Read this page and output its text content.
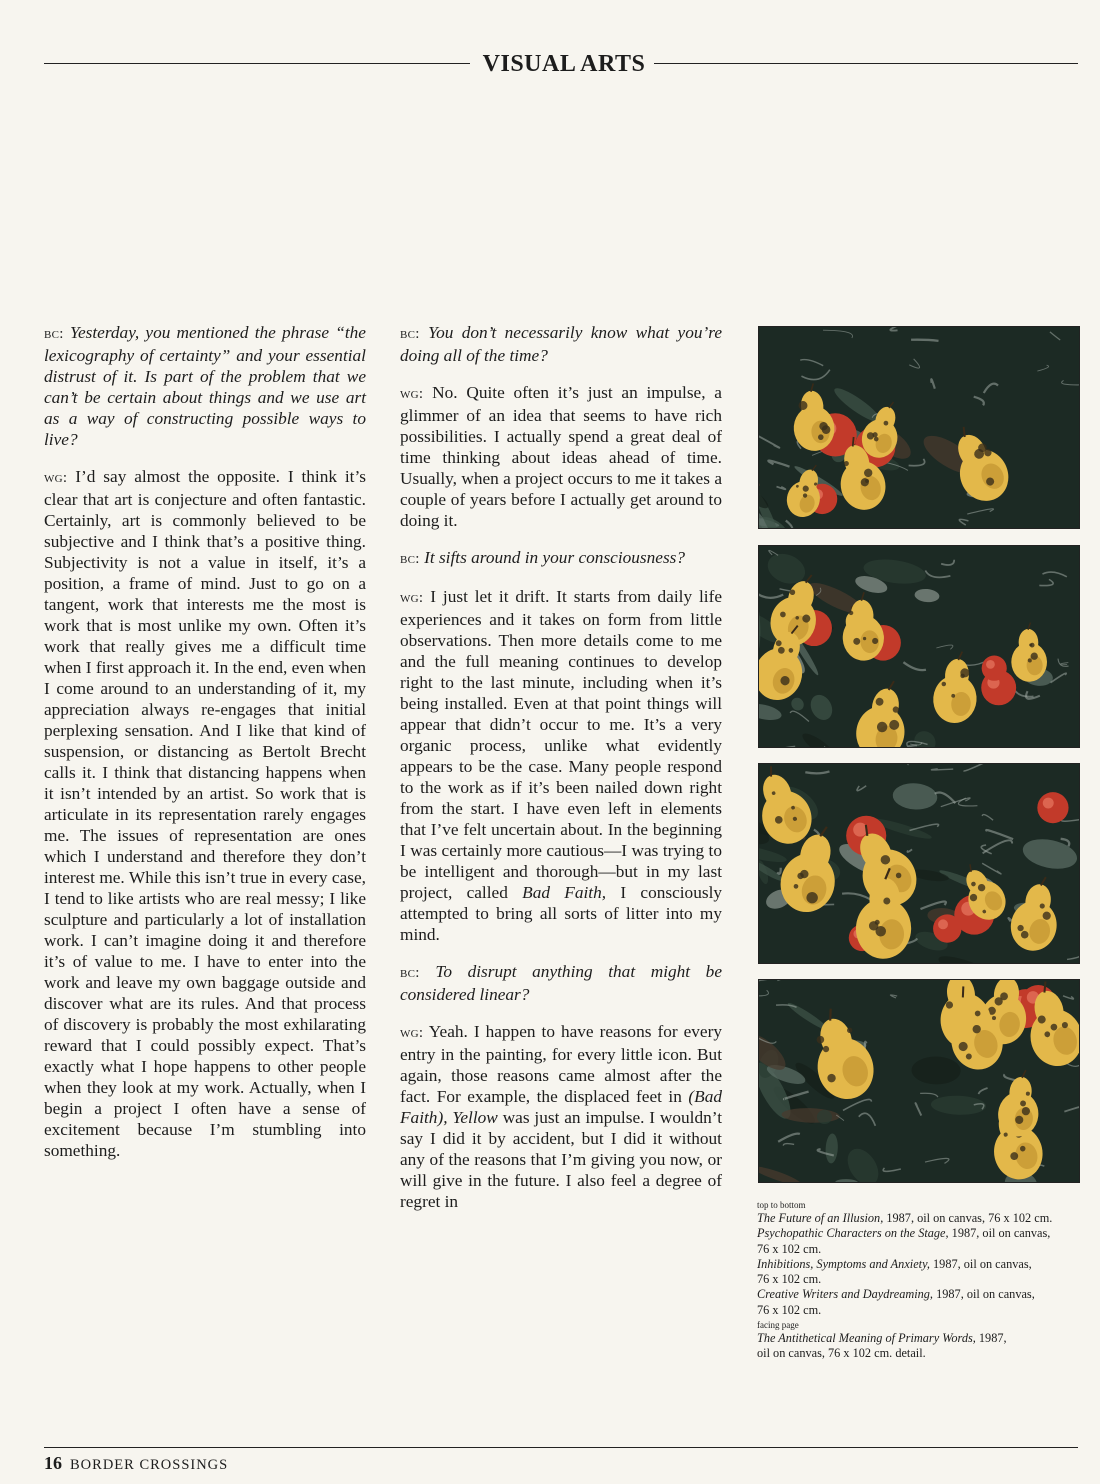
VISUAL ARTS

bc: Yesterday, you mentioned the phrase “the lexicography of certainty” and your essential distrust of it. Is part of the problem that we can’t be certain about things and we use art as a way of constructing possible ways to live?

wg: I’d say almost the opposite. I think it’s clear that art is conjecture and often fantastic. Certainly, art is commonly believed to be subjective and I think that’s a positive thing. Subjectivity is not a value in itself, it’s a position, a frame of mind. Just to go on a tangent, work that interests me the most is work that is most unlike my own. Often it’s work that really gives me a difficult time when I first approach it. In the end, even when I come around to an understanding of it, my appreciation always re-engages that initial perplexing sensation. And I like that kind of suspension, or distancing as Bertolt Brecht calls it. I think that distancing happens when it isn’t intended by an artist. So work that is articulate in its representation rarely engages me. The issues of representation are ones which I understand and therefore they don’t interest me. While this isn’t true in every case, I tend to like artists who are real messy; I like sculpture and particularly a lot of installation work. I can’t imagine doing it and therefore it’s of value to me. I have to enter into the work and leave my own baggage outside and discover what are its rules. And that process of discovery is probably the most exhilarating reward that I could possibly expect. That’s exactly what I hope happens to other people when they look at my work. Actually, when I begin a project I often have a sense of excitement because I’m stumbling into something.

bc: You don’t necessarily know what you’re doing all of the time?

wg: No. Quite often it’s just an impulse, a glimmer of an idea that seems to have rich possibilities. I actually spend a great deal of time thinking about ideas ahead of time. Usually, when a project occurs to me it takes a couple of years before I actually get around to doing it.

bc: It sifts around in your consciousness?

wg: I just let it drift. It starts from daily life experiences and it takes on form from little observations. Then more details come to me and the full meaning continues to develop right to the last minute, including when it’s being installed. Even at that point things will appear that didn’t occur to me. It’s a very organic process, unlike what evidently appears to be the case. Many people respond to the work as if it’s been nailed down right from the start. I have even left in elements that I’ve felt uncertain about. In the beginning I was certainly more cautious—I was trying to be intelligent and thorough—but in my last project, called Bad Faith, I consciously attempted to bring all sorts of litter into my mind.

bc: To disrupt anything that might be considered linear?

wg: Yeah. I happen to have reasons for every entry in the painting, for every little icon. But again, those reasons came almost after the fact. For example, the displaced feet in (Bad Faith), Yellow was just an impulse. I wouldn’t say I did it by accident, but I did it without any of the reasons that I’m giving you now, or will give in the future. I also feel a degree of regret in	top to bottom
The Future of an Illusion, 1987, oil on canvas, 76 x 102 cm.
Psychopathic Characters on the Stage, 1987, oil on canvas,
76 x 102 cm.
Inhibitions, Symptoms and Anxiety, 1987, oil on canvas,
76 x 102 cm.
Creative Writers and Daydreaming, 1987, oil on canvas,
76 x 102 cm.
facing page
The Antithetical Meaning of Primary Words, 1987,
oil on canvas, 76 x 102 cm. detail.
16 BORDER CROSSINGS
